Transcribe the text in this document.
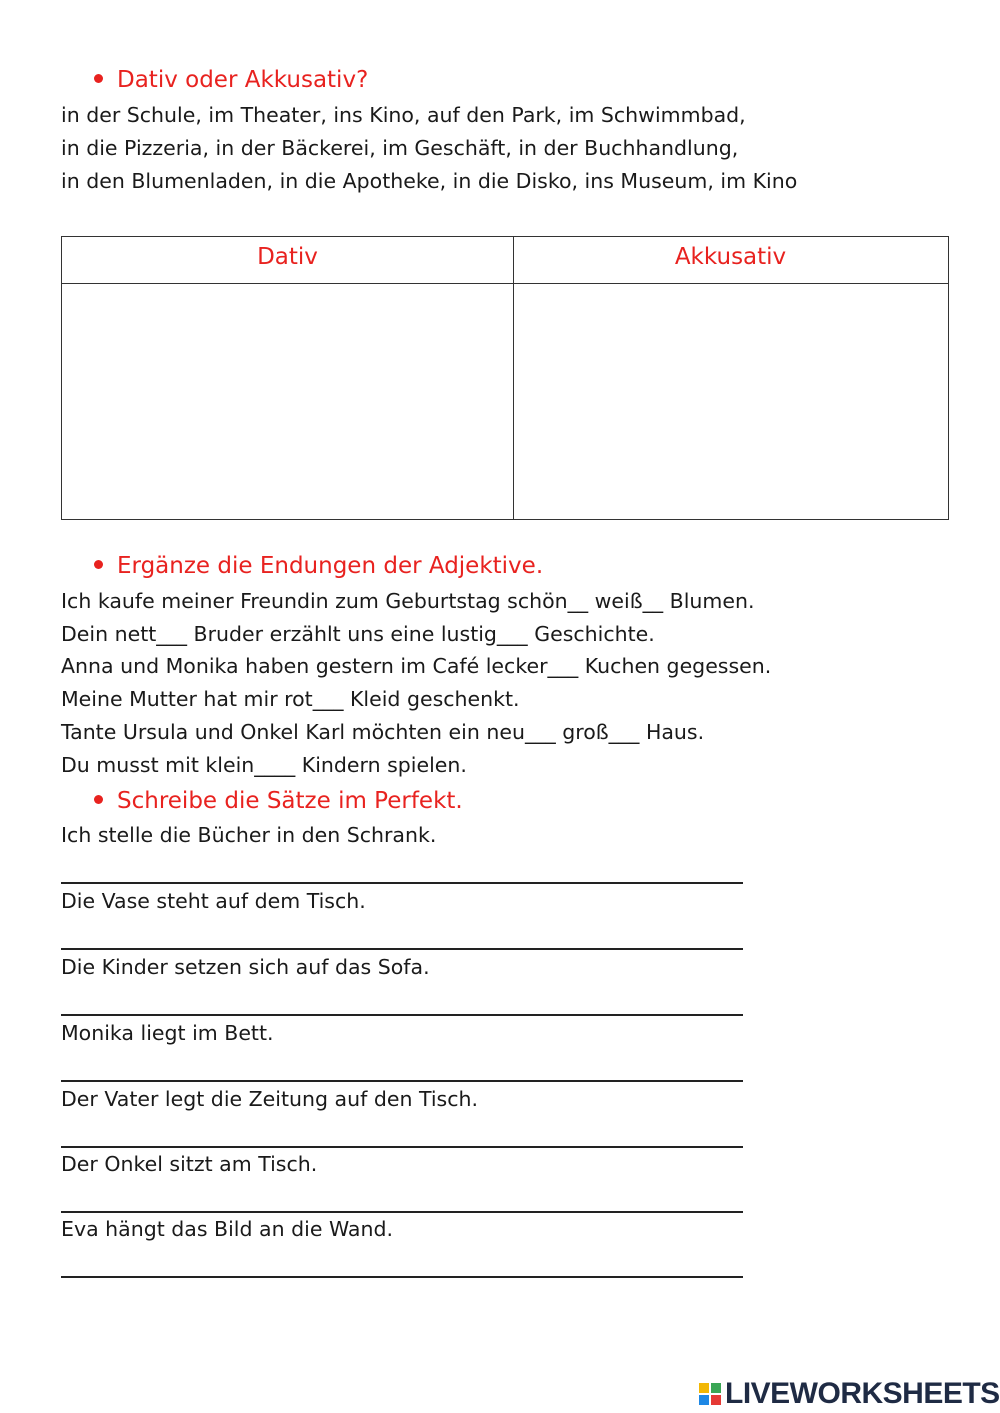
Dativ oder Akkusativ?
in der Schule, im Theater, ins Kino, auf den Park, im Schwimmbad,
in die Pizzeria, in der Bäckerei, im Geschäft, in der Buchhandlung,
in den Blumenladen, in die Apotheke, in die Disko, ins Museum, im Kino
Dativ	Akkusativ
Ergänze die Endungen der Adjektive.
Ich kaufe meiner Freundin zum Geburtstag schön__ weiß__ Blumen.
Dein nett___ Bruder erzählt uns eine lustig___ Geschichte.
Anna und Monika haben gestern im Café lecker___ Kuchen gegessen.
Meine Mutter hat mir rot___ Kleid geschenkt.
Tante Ursula und Onkel Karl möchten ein neu___ groß___ Haus.
Du musst mit klein____ Kindern spielen.
Schreibe die Sätze im Perfekt.
Ich stelle die Bücher in den Schrank.
Die Vase steht auf dem Tisch.
Die Kinder setzen sich auf das Sofa.
Monika liegt im Bett.
Der Vater legt die Zeitung auf den Tisch.
Der Onkel sitzt am Tisch.
Eva hängt das Bild an die Wand.
LIVEWORKSHEETS
